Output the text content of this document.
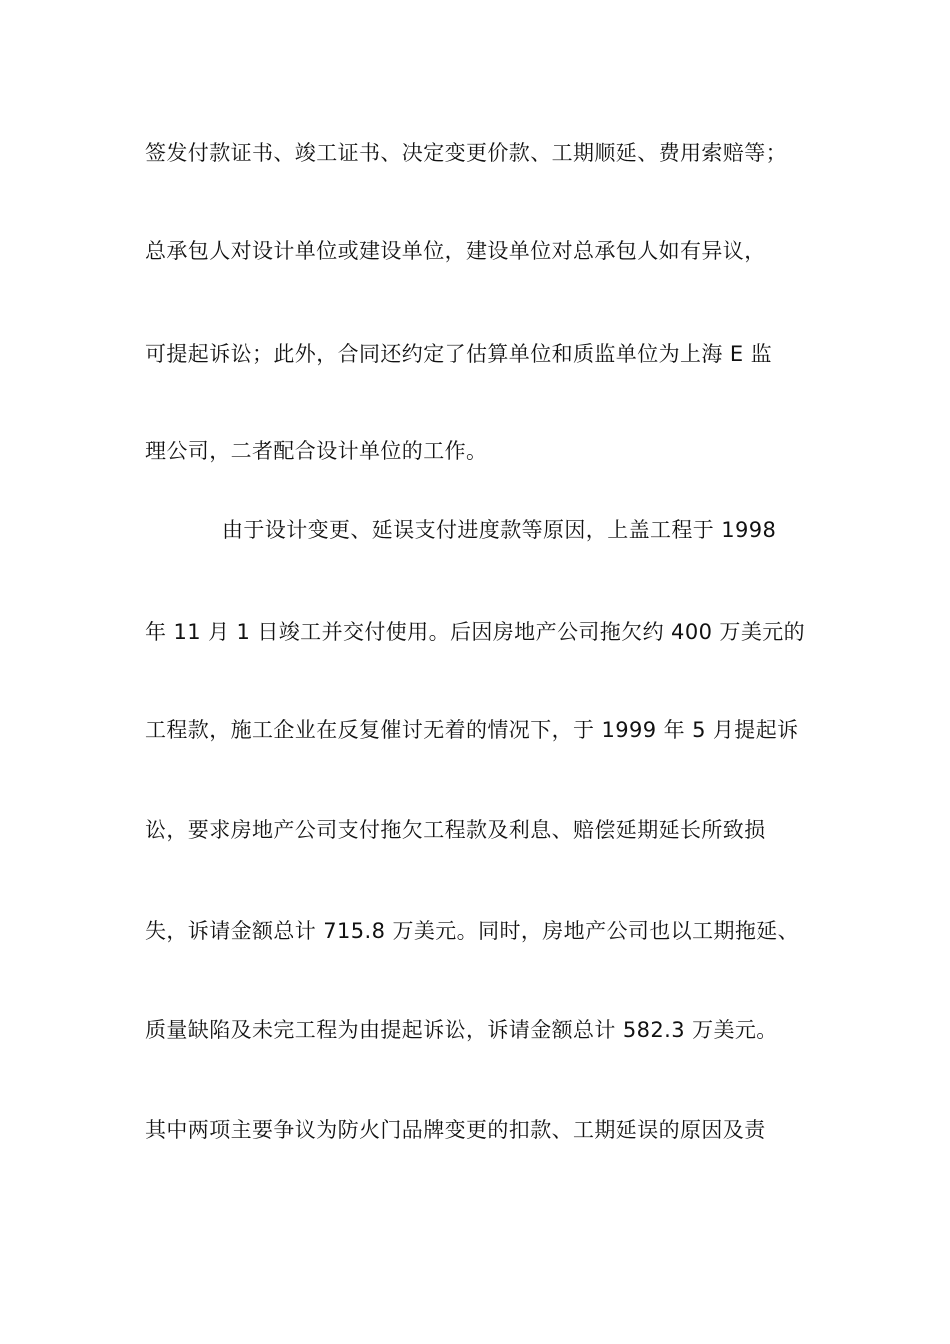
签发付款证书、竣工证书、决定变更价款、工期顺延、费用索赔等；
总承包人对设计单位或建设单位，建设单位对总承包人如有异议，
可提起诉讼；此外，合同还约定了估算单位和质监单位为上海 E 监
理公司，二者配合设计单位的工作。
由于设计变更、延误支付进度款等原因，上盖工程于 1998
年 11 月 1 日竣工并交付使用。后因房地产公司拖欠约 400 万美元的
工程款，施工企业在反复催讨无着的情况下，于 1999 年 5 月提起诉
讼，要求房地产公司支付拖欠工程款及利息、赔偿延期延长所致损
失，诉请金额总计 715.8 万美元。同时，房地产公司也以工期拖延、
质量缺陷及未完工程为由提起诉讼，诉请金额总计 582.3 万美元。
其中两项主要争议为防火门品牌变更的扣款、工期延误的原因及责
